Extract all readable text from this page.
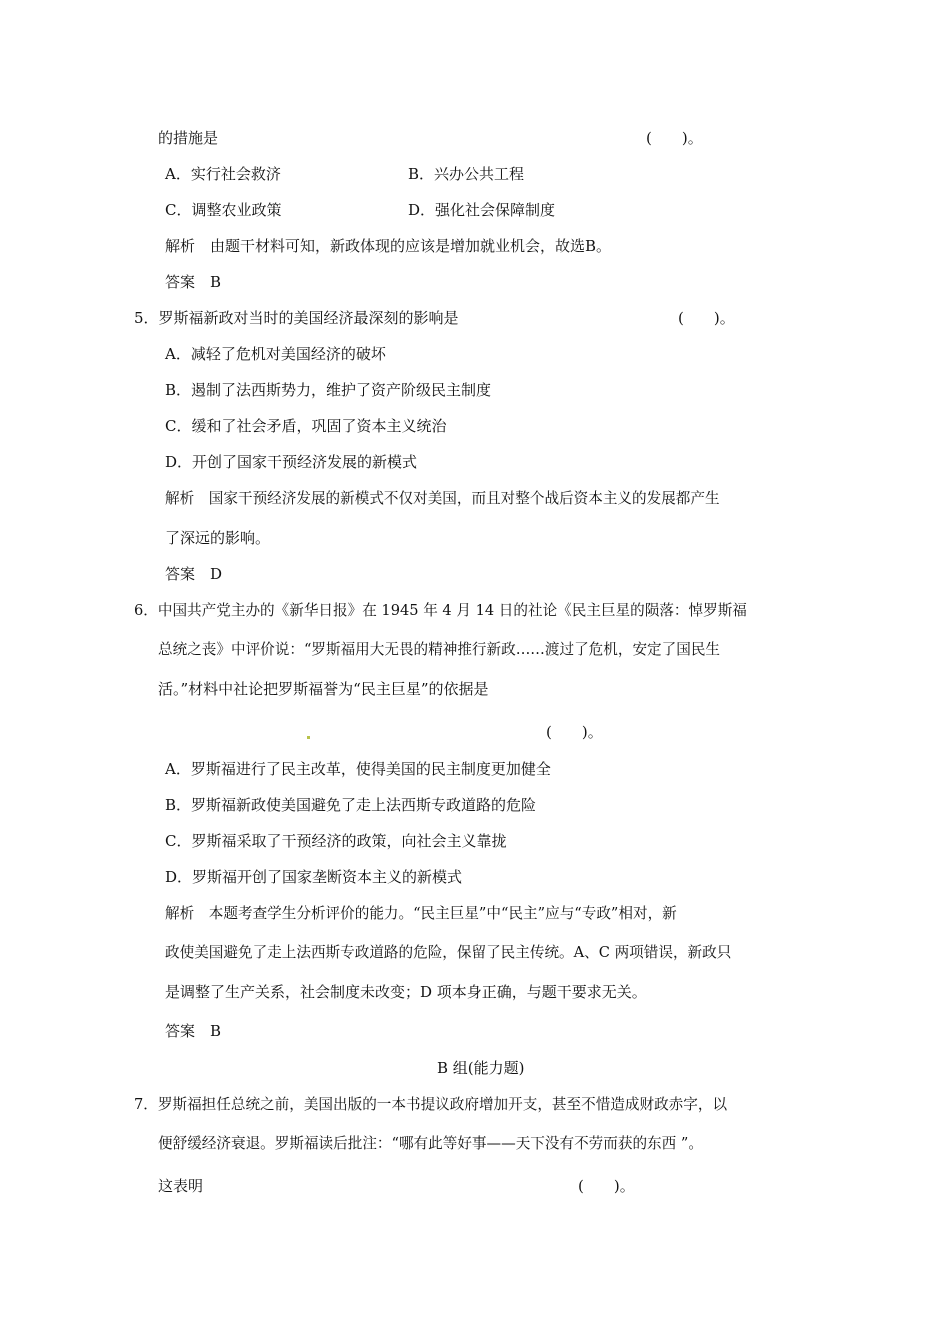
的措施是	(　　)。
A．实行社会救济	B．兴办公共工程
C．调整农业政策	D．强化社会保障制度
解析　由题干材料可知，新政体现的应该是增加就业机会，故选B。
答案　B
5．罗斯福新政对当时的美国经济最深刻的影响是	(　　)。
A．减轻了危机对美国经济的破坏
B．遏制了法西斯势力，维护了资产阶级民主制度
C．缓和了社会矛盾，巩固了资本主义统治
D．开创了国家干预经济发展的新模式
解析　国家干预经济发展的新模式不仅对美国，而且对整个战后资本主义的发展都产生
了深远的影响。
答案　D
6．中国共产党主办的《新华日报》在 1945 年 4 月 14 日的社论《民主巨星的陨落：悼罗斯福
总统之丧》中评价说：“罗斯福用大无畏的精神推行新政……渡过了危机，安定了国民生
活。”材料中社论把罗斯福誉为“民主巨星”的依据是
(　　)。
A．罗斯福进行了民主改革，使得美国的民主制度更加健全
B．罗斯福新政使美国避免了走上法西斯专政道路的危险
C．罗斯福采取了干预经济的政策，向社会主义靠拢
D．罗斯福开创了国家垄断资本主义的新模式
解析　本题考查学生分析评价的能力。“民主巨星”中“民主”应与“专政”相对，新
政使美国避免了走上法西斯专政道路的危险，保留了民主传统。A、C 两项错误，新政只
是调整了生产关系，社会制度未改变；D 项本身正确，与题干要求无关。
答案　B
B 组(能力题)
7．罗斯福担任总统之前，美国出版的一本书提议政府增加开支，甚至不惜造成财政赤字，以
便舒缓经济衰退。罗斯福读后批注：“哪有此等好事——天下没有不劳而获的东西 ”。
这表明	(　　)。
